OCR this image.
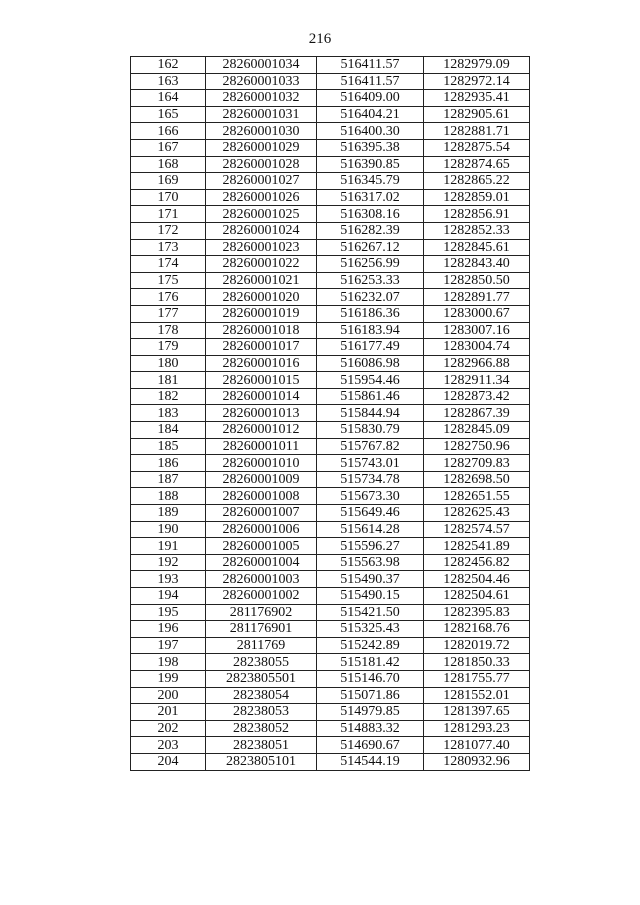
216
162	28260001034	516411.57	1282979.09
163	28260001033	516411.57	1282972.14
164	28260001032	516409.00	1282935.41
165	28260001031	516404.21	1282905.61
166	28260001030	516400.30	1282881.71
167	28260001029	516395.38	1282875.54
168	28260001028	516390.85	1282874.65
169	28260001027	516345.79	1282865.22
170	28260001026	516317.02	1282859.01
171	28260001025	516308.16	1282856.91
172	28260001024	516282.39	1282852.33
173	28260001023	516267.12	1282845.61
174	28260001022	516256.99	1282843.40
175	28260001021	516253.33	1282850.50
176	28260001020	516232.07	1282891.77
177	28260001019	516186.36	1283000.67
178	28260001018	516183.94	1283007.16
179	28260001017	516177.49	1283004.74
180	28260001016	516086.98	1282966.88
181	28260001015	515954.46	1282911.34
182	28260001014	515861.46	1282873.42
183	28260001013	515844.94	1282867.39
184	28260001012	515830.79	1282845.09
185	28260001011	515767.82	1282750.96
186	28260001010	515743.01	1282709.83
187	28260001009	515734.78	1282698.50
188	28260001008	515673.30	1282651.55
189	28260001007	515649.46	1282625.43
190	28260001006	515614.28	1282574.57
191	28260001005	515596.27	1282541.89
192	28260001004	515563.98	1282456.82
193	28260001003	515490.37	1282504.46
194	28260001002	515490.15	1282504.61
195	281176902	515421.50	1282395.83
196	281176901	515325.43	1282168.76
197	2811769	515242.89	1282019.72
198	28238055	515181.42	1281850.33
199	2823805501	515146.70	1281755.77
200	28238054	515071.86	1281552.01
201	28238053	514979.85	1281397.65
202	28238052	514883.32	1281293.23
203	28238051	514690.67	1281077.40
204	2823805101	514544.19	1280932.96
